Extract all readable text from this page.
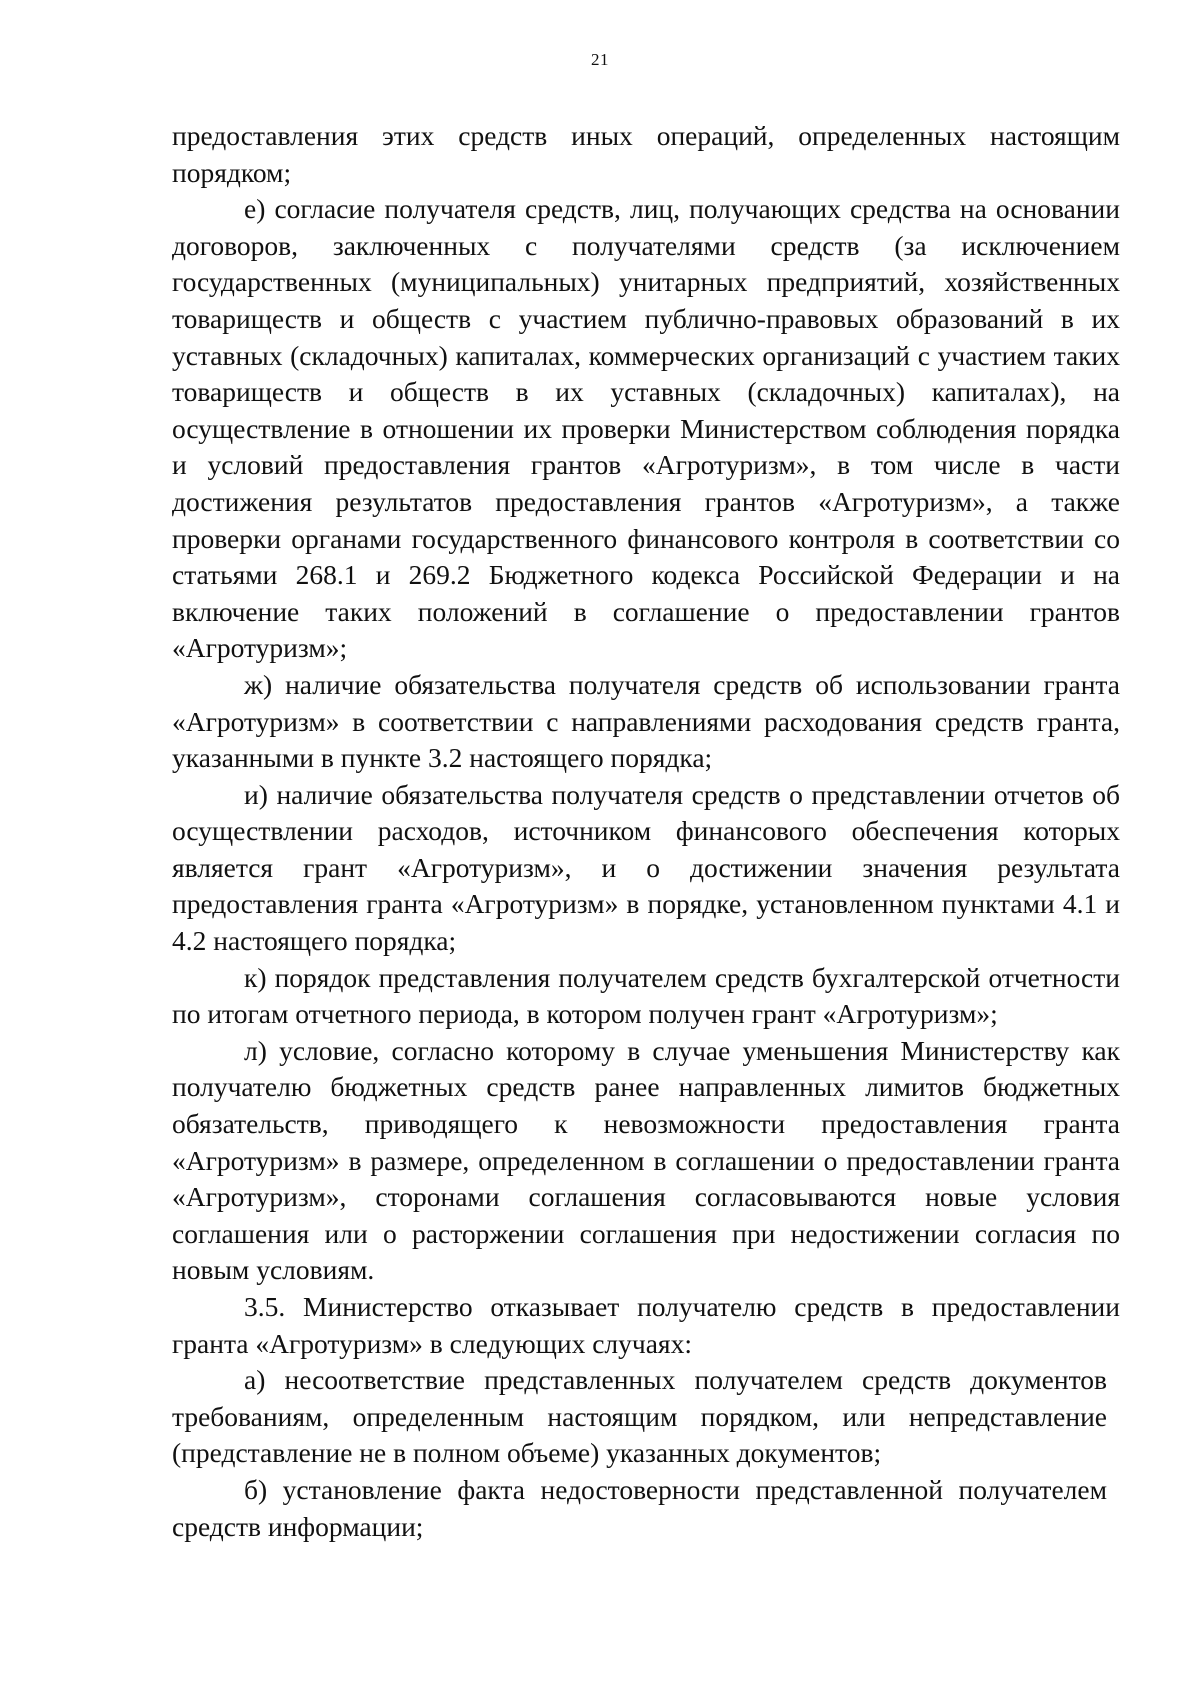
21

предоставления этих средств иных операций, определенных настоящим порядком;

е) согласие получателя средств, лиц, получающих средства на основании договоров, заключенных с получателями средств (за исключением государственных (муниципальных) унитарных предприятий, хозяйственных товариществ и обществ с участием публично-правовых образований в их уставных (складочных) капиталах, коммерческих организаций с участием таких товариществ и обществ в их уставных (складочных) капиталах), на осуществление в отношении их проверки Министерством соблюдения порядка и условий предоставления грантов «Агротуризм», в том числе в части достижения результатов предоставления грантов «Агротуризм», а также проверки органами государственного финансового контроля в соответствии со статьями 268.1 и 269.2 Бюджетного кодекса Российской Федерации и на включение таких положений в соглашение о предоставлении грантов «Агротуризм»;

ж) наличие обязательства получателя средств об использовании гранта «Агротуризм» в соответствии с направлениями расходования средств гранта, указанными в пункте 3.2 настоящего порядка;

и) наличие обязательства получателя средств о представлении отчетов об осуществлении расходов, источником финансового обеспечения которых является грант «Агротуризм», и о достижении значения результата предоставления гранта «Агротуризм» в порядке, установленном пунктами 4.1 и 4.2 настоящего порядка;

к) порядок представления получателем средств бухгалтерской отчетности по итогам отчетного периода, в котором получен грант «Агротуризм»;

л) условие, согласно которому в случае уменьшения Министерству как получателю бюджетных средств ранее направленных лимитов бюджетных обязательств, приводящего к невозможности предоставления гранта «Агротуризм» в размере, определенном в соглашении о предоставлении гранта «Агротуризм», сторонами соглашения согласовываются новые условия соглашения или о расторжении соглашения при недостижении согласия по новым условиям.

3.5. Министерство отказывает получателю средств в предоставлении гранта «Агротуризм» в следующих случаях:

а) несоответствие представленных получателем средств документов требованиям, определенным настоящим порядком, или непредставление (представление не в полном объеме) указанных документов;

б) установление факта недостоверности представленной получателем средств информации;
